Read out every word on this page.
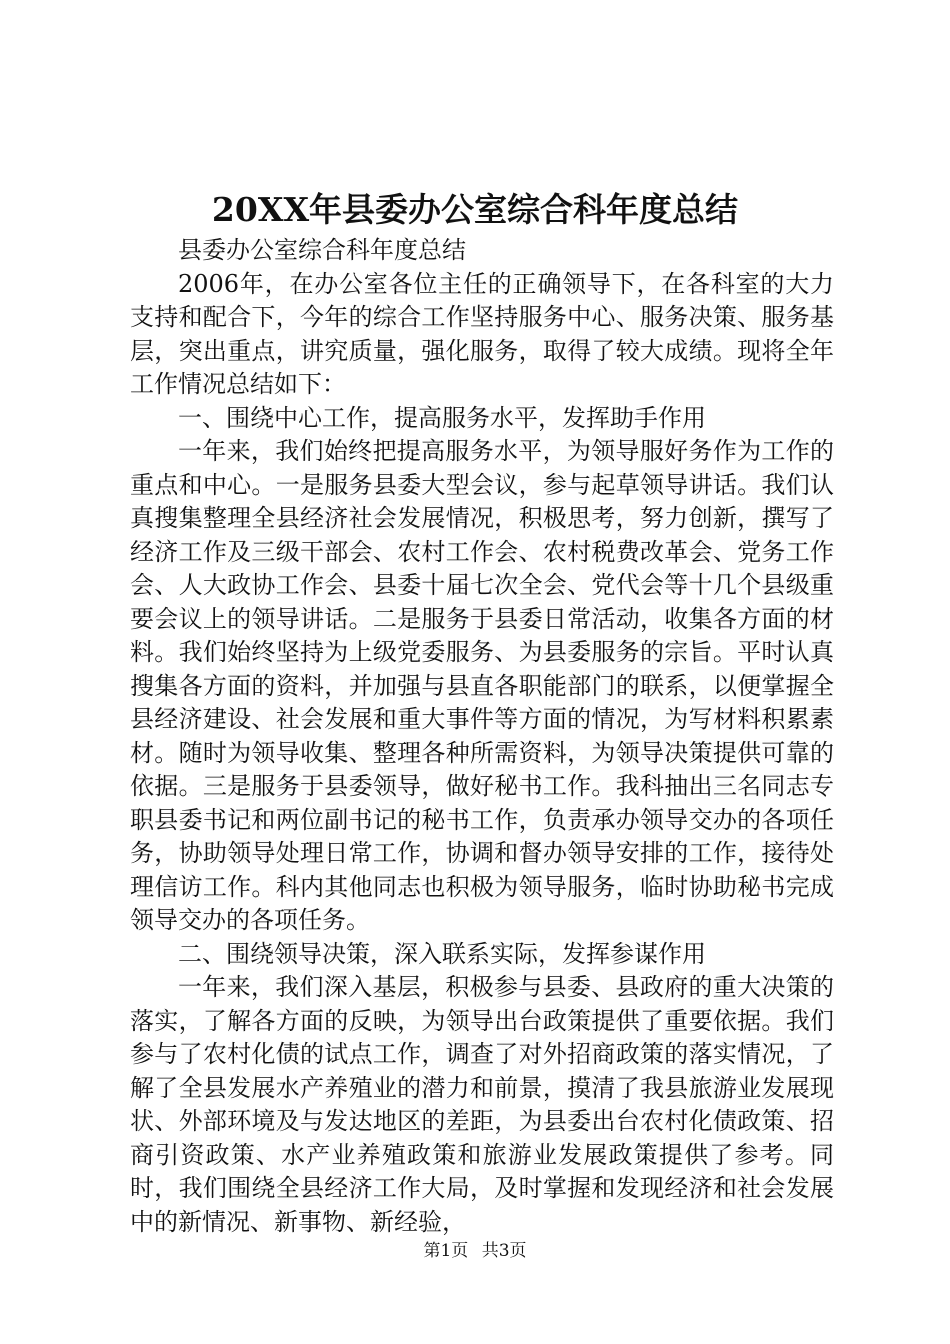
20XX年县委办公室综合科年度总结

县委办公室综合科年度总结

2006年，在办公室各位主任的正确领导下，在各科室的大力支持和配合下，今年的综合工作坚持服务中心、服务决策、服务基层，突出重点，讲究质量，强化服务，取得了较大成绩。现将全年工作情况总结如下：

一、围绕中心工作，提高服务水平，发挥助手作用

一年来，我们始终把提高服务水平，为领导服好务作为工作的重点和中心。一是服务县委大型会议，参与起草领导讲话。我们认真搜集整理全县经济社会发展情况，积极思考，努力创新，撰写了经济工作及三级干部会、农村工作会、农村税费改革会、党务工作会、人大政协工作会、县委十届七次全会、党代会等十几个县级重要会议上的领导讲话。二是服务于县委日常活动，收集各方面的材料。我们始终坚持为上级党委服务、为县委服务的宗旨。平时认真搜集各方面的资料，并加强与县直各职能部门的联系，以便掌握全县经济建设、社会发展和重大事件等方面的情况，为写材料积累素材。随时为领导收集、整理各种所需资料，为领导决策提供可靠的依据。三是服务于县委领导，做好秘书工作。我科抽出三名同志专职县委书记和两位副书记的秘书工作，负责承办领导交办的各项任务，协助领导处理日常工作，协调和督办领导安排的工作，接待处理信访工作。科内其他同志也积极为领导服务，临时协助秘书完成领导交办的各项任务。

二、围绕领导决策，深入联系实际，发挥参谋作用

一年来，我们深入基层，积极参与县委、县政府的重大决策的落实，了解各方面的反映，为领导出台政策提供了重要依据。我们参与了农村化债的试点工作，调查了对外招商政策的落实情况，了解了全县发展水产养殖业的潜力和前景，摸清了我县旅游业发展现状、外部环境及与发达地区的差距，为县委出台农村化债政策、招商引资政策、水产业养殖政策和旅游业发展政策提供了参考。同时，我们围绕全县经济工作大局，及时掌握和发现经济和社会发展中的新情况、新事物、新经验，

第1页 共3页
